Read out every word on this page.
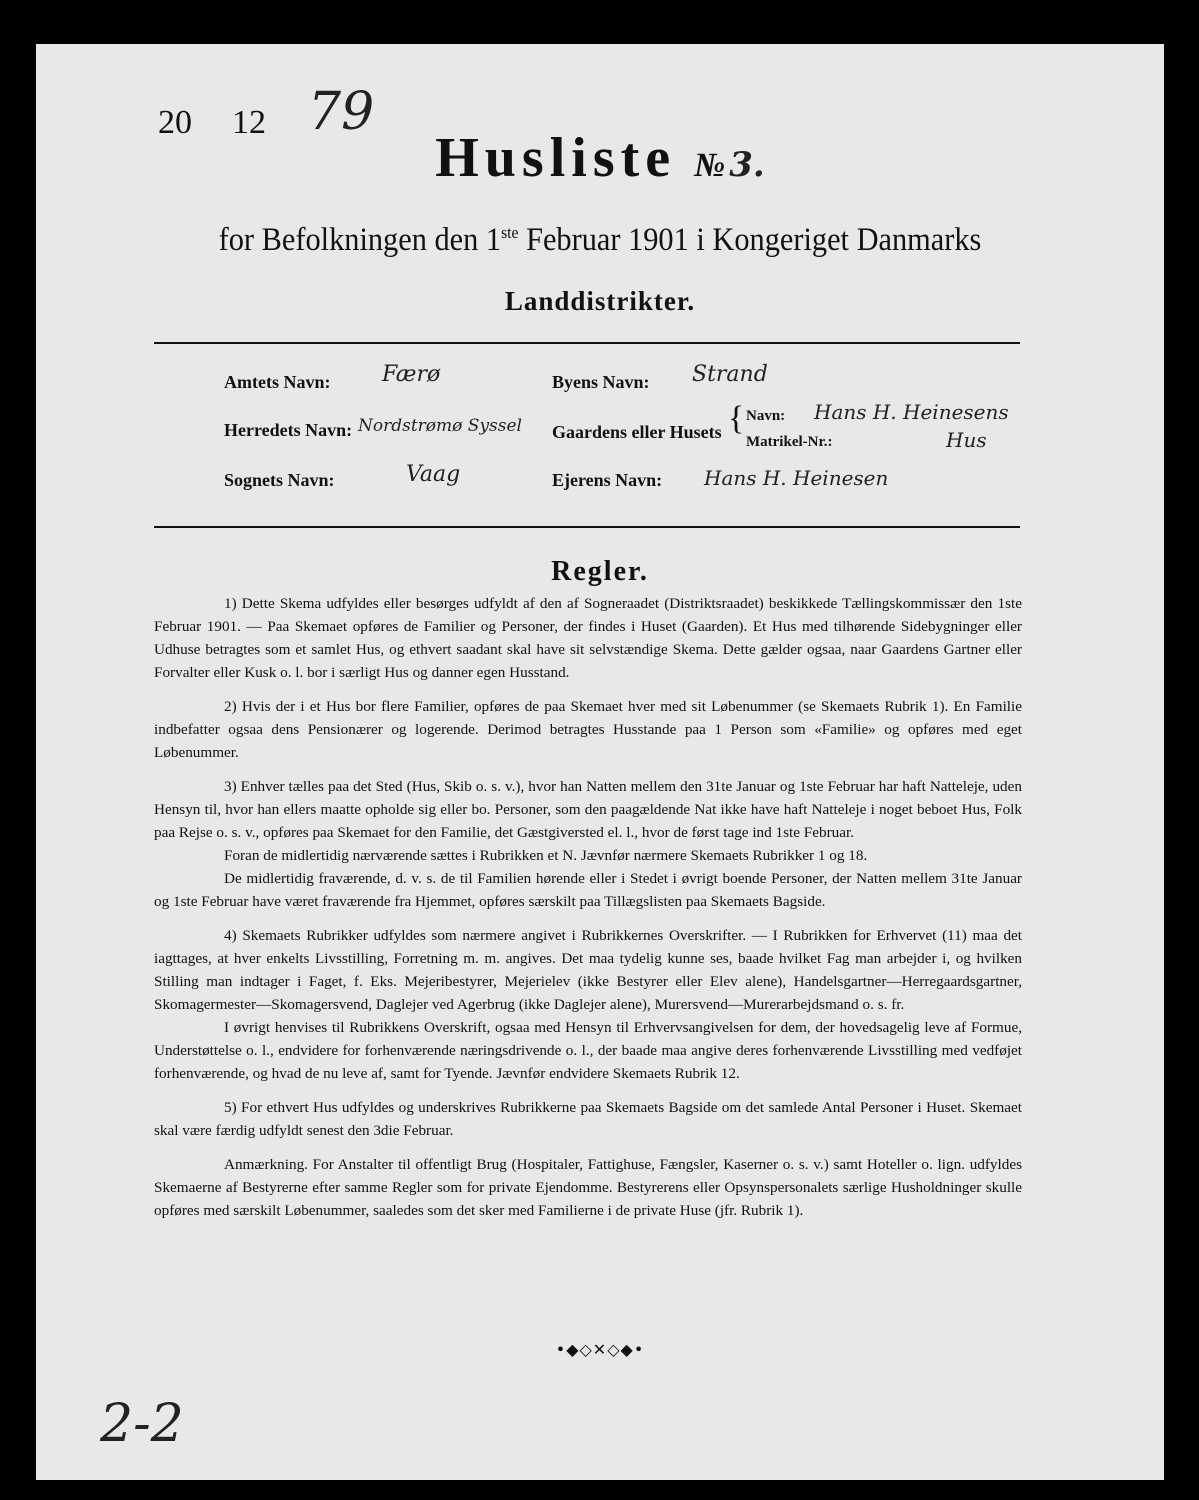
20 12 79
Husliste № 3.
for Befolkningen den 1ste Februar 1901 i Kongeriget Danmarks
Landdistrikter.
Amtets Navn: Færø	Byens Navn: Strand
Herredets Navn: Nordstrømø Syssel Gaardens eller Husets { Navn: Hans H. Heinesens
Matrikel-Nr.:	Hus
Sognets Navn:	Vaag	Ejerens Navn: Hans H. Heinesen
Regler.

1) Dette Skema udfyldes eller besørges udfyldt af den af Sogneraadet (Distriktsraadet) beskikkede Tællingskommissær den 1ste Februar 1901. — Paa Skemaet opføres de Familier og Personer, der findes i Huset (Gaarden). Et Hus med tilhørende Sidebygninger eller Udhuse betragtes som et samlet Hus, og ethvert saadant skal have sit selvstændige Skema. Dette gælder ogsaa, naar Gaardens Gartner eller Forvalter eller Kusk o. l. bor i særligt Hus og danner egen Husstand.

2) Hvis der i et Hus bor flere Familier, opføres de paa Skemaet hver med sit Løbenummer (se Skemaets Rubrik 1). En Familie indbefatter ogsaa dens Pensionærer og logerende. Derimod betragtes Husstande paa 1 Person som «Familie» og opføres med eget Løbenummer.

3) Enhver tælles paa det Sted (Hus, Skib o. s. v.), hvor han Natten mellem den 31te Januar og 1ste Februar har haft Natteleje, uden Hensyn til, hvor han ellers maatte opholde sig eller bo. Personer, som den paagældende Nat ikke have haft Natteleje i noget beboet Hus, Folk paa Rejse o. s. v., opføres paa Skemaet for den Familie, det Gæstgiversted el. l., hvor de først tage ind 1ste Februar.

Foran de midlertidig nærværende sættes i Rubrikken et N. Jævnfør nærmere Skemaets Rubrikker 1 og 18.

De midlertidig fraværende, d. v. s. de til Familien hørende eller i Stedet i øvrigt boende Personer, der Natten mellem 31te Januar og 1ste Februar have været fraværende fra Hjemmet, opføres særskilt paa Tillægslisten paa Skemaets Bagside.

4) Skemaets Rubrikker udfyldes som nærmere angivet i Rubrikkernes Overskrifter. — I Rubrikken for Erhvervet (11) maa det iagttages, at hver enkelts Livsstilling, Forretning m. m. angives. Det maa tydelig kunne ses, baade hvilket Fag man arbejder i, og hvilken Stilling man indtager i Faget, f. Eks. Mejeribestyrer, Mejerielev (ikke Bestyrer eller Elev alene), Handelsgartner—Herregaardsgartner, Skomagermester—Skomagersvend, Daglejer ved Agerbrug (ikke Daglejer alene), Murersvend—Murerarbejdsmand o. s. fr.

I øvrigt henvises til Rubrikkens Overskrift, ogsaa med Hensyn til Erhvervsangivelsen for dem, der hovedsagelig leve af Formue, Understøttelse o. l., endvidere for forhenværende næringsdrivende o. l., der baade maa angive deres forhenværende Livsstilling med vedføjet forhenværende, og hvad de nu leve af, samt for Tyende. Jævnfør endvidere Skemaets Rubrik 12.

5) For ethvert Hus udfyldes og underskrives Rubrikkerne paa Skemaets Bagside om det samlede Antal Personer i Huset. Skemaet skal være færdig udfyldt senest den 3die Februar.

Anmærkning. For Anstalter til offentligt Brug (Hospitaler, Fattighuse, Fængsler, Kaserner o. s. v.) samt Hoteller o. lign. udfyldes Skemaerne af Bestyrerne efter samme Regler som for private Ejendomme. Bestyrerens eller Opsynspersonalets særlige Husholdninger skulle opføres med særskilt Løbenummer, saaledes som det sker med Familierne i de private Huse (jfr. Rubrik 1).

•◆◇✕◇◆•
2-2
